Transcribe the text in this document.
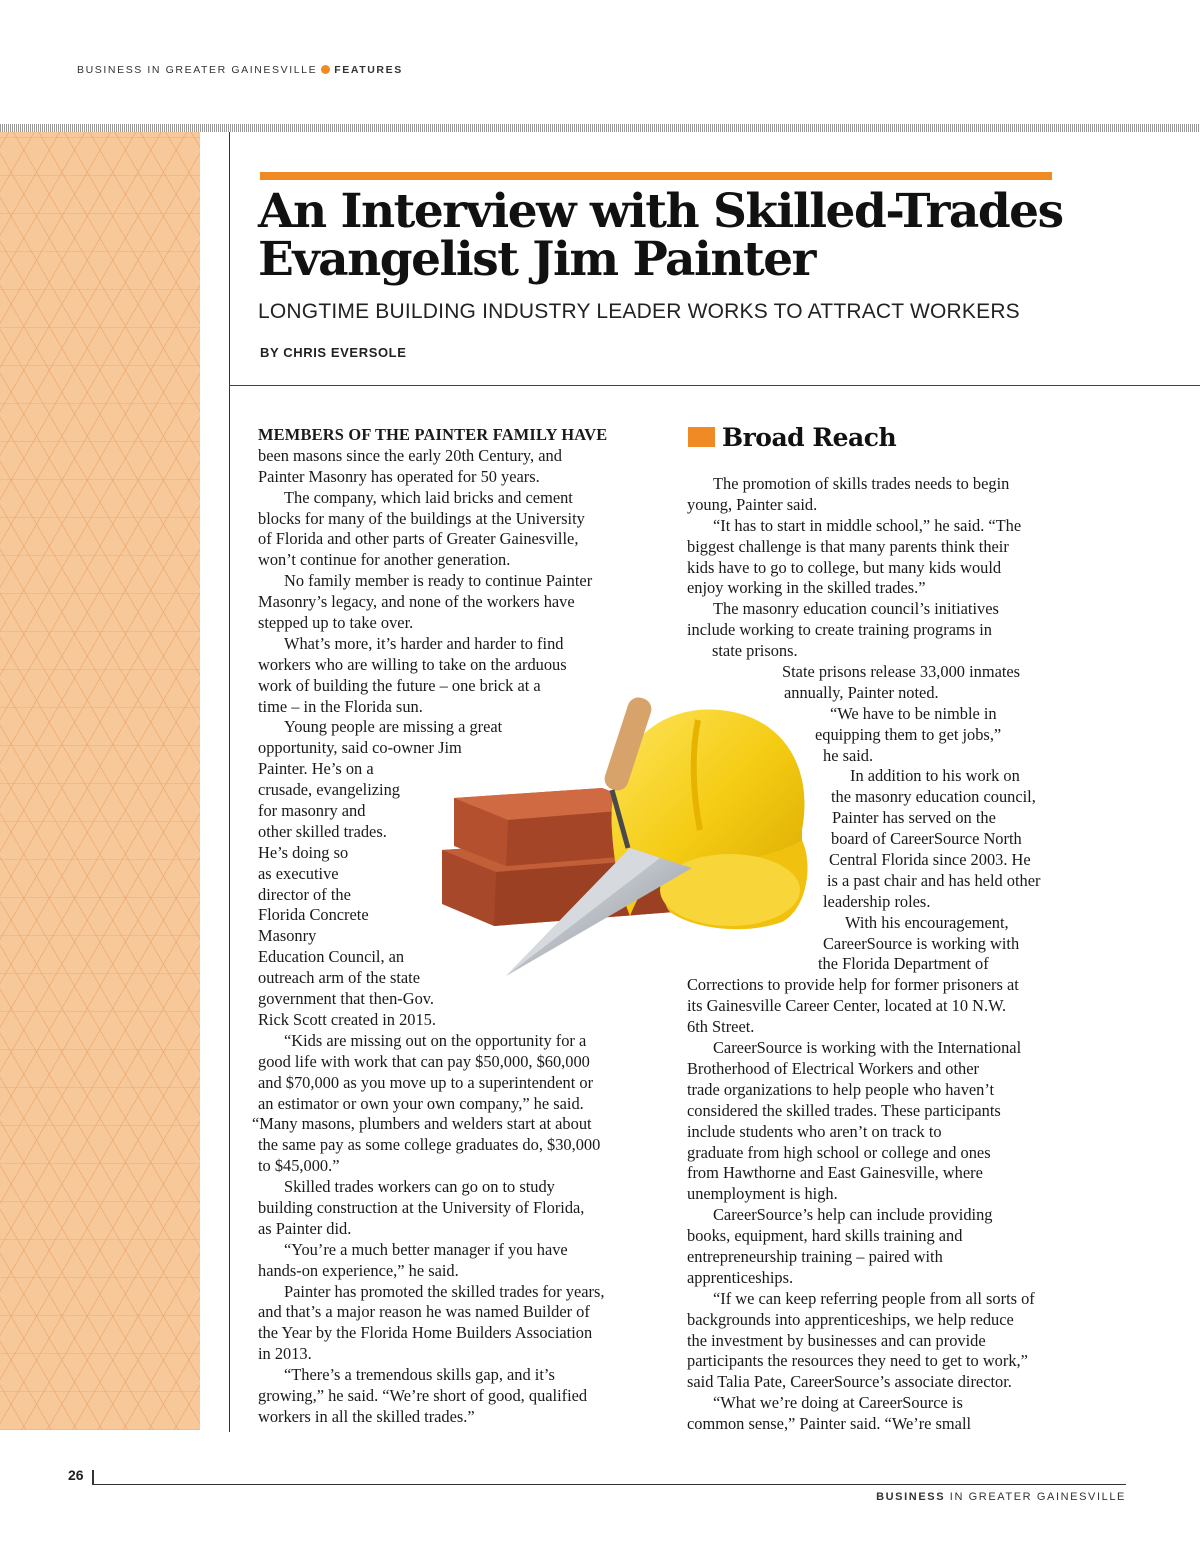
BUSINESS IN GREATER GAINESVILLE FEATURES
An Interview with Skilled-Trades
Evangelist Jim Painter
LONGTIME BUILDING INDUSTRY LEADER WORKS TO ATTRACT WORKERS
BY CHRIS EVERSOLE
MEMBERS OF THE PAINTER FAMILY HAVE
been masons since the early 20th Century, and
Painter Masonry has operated for 50 years.
The company, which laid bricks and cement
blocks for many of the buildings at the University
of Florida and other parts of Greater Gainesville,
won’t continue for another generation.
No family member is ready to continue Painter
Masonry’s legacy, and none of the workers have
stepped up to take over.
What’s more, it’s harder and harder to find
workers who are willing to take on the arduous
work of building the future – one brick at a
time – in the Florida sun.
Young people are missing a great
opportunity, said co-owner Jim
Painter. He’s on a
crusade, evangelizing
for masonry and
other skilled trades.
He’s doing so
as executive
director of the
Florida Concrete
Masonry
Education Council, an
outreach arm of the state
government that then-Gov.
Rick Scott created in 2015.
“Kids are missing out on the opportunity for a
good life with work that can pay $50,000, $60,000
and $70,000 as you move up to a superintendent or
an estimator or own your own company,” he said.
“Many masons, plumbers and welders start at about
the same pay as some college graduates do, $30,000
to $45,000.”
Skilled trades workers can go on to study
building construction at the University of Florida,
as Painter did.
“You’re a much better manager if you have
hands-on experience,” he said.
Painter has promoted the skilled trades for years,
and that’s a major reason he was named Builder of
the Year by the Florida Home Builders Association
in 2013.
“There’s a tremendous skills gap, and it’s
growing,” he said. “We’re short of good, qualified
workers in all the skilled trades.”
Broad Reach
The promotion of skills trades needs to begin
young, Painter said.
“It has to start in middle school,” he said. “The
biggest challenge is that many parents think their
kids have to go to college, but many kids would
enjoy working in the skilled trades.”
The masonry education council’s initiatives
include working to create training programs in
state prisons.
State prisons release 33,000 inmates
annually, Painter noted.
“We have to be nimble in
equipping them to get jobs,”
he said.
In addition to his work on
the masonry education council,
Painter has served on the
board of CareerSource North
Central Florida since 2003. He
is a past chair and has held other
leadership roles.
With his encouragement,
CareerSource is working with
the Florida Department of
Corrections to provide help for former prisoners at
its Gainesville Career Center, located at 10 N.W.
6th Street.
CareerSource is working with the International
Brotherhood of Electrical Workers and other
trade organizations to help people who haven’t
considered the skilled trades. These participants
include students who aren’t on track to
graduate from high school or college and ones
from Hawthorne and East Gainesville, where
unemployment is high.
CareerSource’s help can include providing
books, equipment, hard skills training and
entrepreneurship training – paired with
apprenticeships.
“If we can keep referring people from all sorts of
backgrounds into apprenticeships, we help reduce
the investment by businesses and can provide
participants the resources they need to get to work,”
said Talia Pate, CareerSource’s associate director.
“What we’re doing at CareerSource is
common sense,” Painter said. “We’re small
26
BUSINESS IN GREATER GAINESVILLE
